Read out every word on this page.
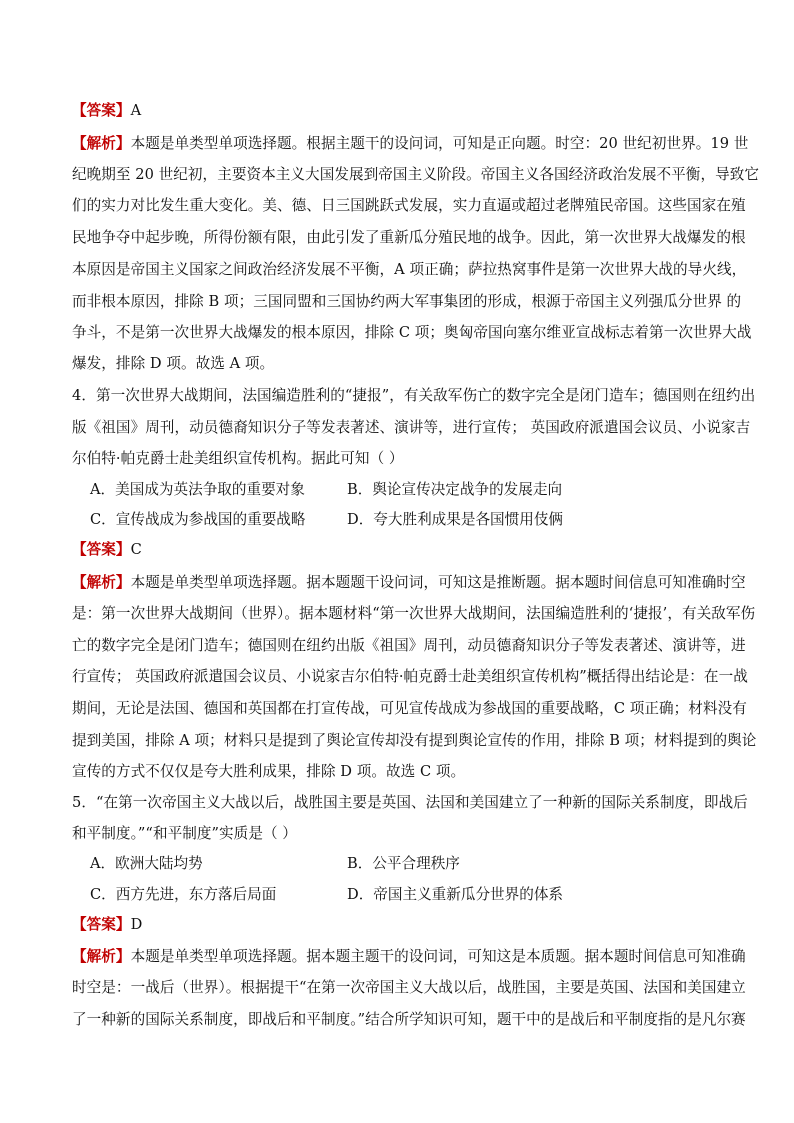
【答案】A
【解析】本题是单类型单项选择题。根据主题干的设问词，可知是正向题。时空：20 世纪初世界。19 世
纪晚期至 20 世纪初，主要资本主义大国发展到帝国主义阶段。帝国主义各国经济政治发展不平衡，导致它
们的实力对比发生重大变化。美、德、日三国跳跃式发展，实力直逼或超过老牌殖民帝国。这些国家在殖
民地争夺中起步晚，所得份额有限，由此引发了重新瓜分殖民地的战争。因此，第一次世界大战爆发的根
本原因是帝国主义国家之间政治经济发展不平衡，A 项正确；萨拉热窝事件是第一次世界大战的导火线，
而非根本原因，排除 B 项；三国同盟和三国协约两大军事集团的形成，根源于帝国主义列强瓜分世界 的
争斗，不是第一次世界大战爆发的根本原因，排除 C 项；奥匈帝国向塞尔维亚宣战标志着第一次世界大战
爆发，排除 D 项。故选 A 项。
4．第一次世界大战期间，法国编造胜利的“捷报”，有关敌军伤亡的数字完全是闭门造车；德国则在纽约出
版《祖国》周刊，动员德裔知识分子等发表著述、演讲等，进行宣传； 英国政府派遣国会议员、小说家吉
尔伯特·帕克爵士赴美组织宣传机构。据此可知（ ）
A．美国成为英法争取的重要对象	B．舆论宣传决定战争的发展走向
C．宣传战成为参战国的重要战略	D．夸大胜利成果是各国惯用伎俩
【答案】C
【解析】本题是单类型单项选择题。据本题题干设问词，可知这是推断题。据本题时间信息可知准确时空
是：第一次世界大战期间（世界）。据本题材料“第一次世界大战期间，法国编造胜利的‘捷报’，有关敌军伤
亡的数字完全是闭门造车；德国则在纽约出版《祖国》周刊，动员德裔知识分子等发表著述、演讲等，进
行宣传； 英国政府派遣国会议员、小说家吉尔伯特·帕克爵士赴美组织宣传机构”概括得出结论是：在一战
期间，无论是法国、德国和英国都在打宣传战，可见宣传战成为参战国的重要战略，C 项正确；材料没有
提到美国，排除 A 项；材料只是提到了舆论宣传却没有提到舆论宣传的作用，排除 B 项；材料提到的舆论
宣传的方式不仅仅是夸大胜利成果，排除 D 项。故选 C 项。
5．“在第一次帝国主义大战以后，战胜国主要是英国、法国和美国建立了一种新的国际关系制度，即战后
和平制度。”“和平制度”实质是（ ）
A．欧洲大陆均势	B．公平合理秩序
C．西方先进，东方落后局面	D．帝国主义重新瓜分世界的体系
【答案】D
【解析】本题是单类型单项选择题。据本题主题干的设问词，可知这是本质题。据本题时间信息可知准确
时空是：一战后（世界）。根据提干“在第一次帝国主义大战以后，战胜国，主要是英国、法国和美国建立
了一种新的国际关系制度，即战后和平制度。”结合所学知识可知，题干中的是战后和平制度指的是凡尔赛
